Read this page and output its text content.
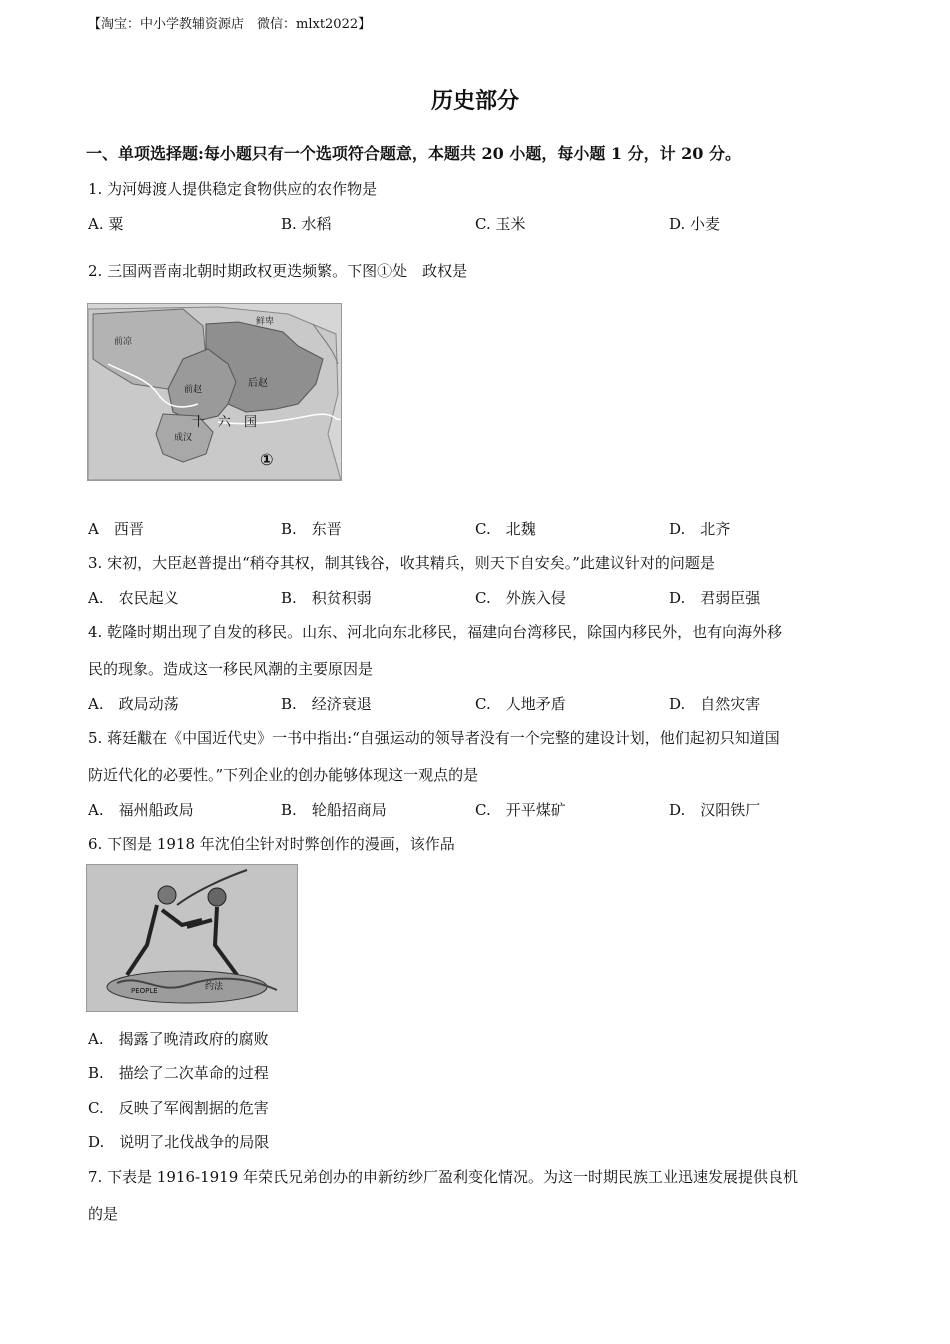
【淘宝：中小学教辅资源店　微信：mlxt2022】
历史部分
一、单项选择题:每小题只有一个选项符合题意，本题共 20 小题，每小题 1 分，计 20 分。
1. 为河姆渡人提供稳定食物供应的农作物是
A. 粟	B. 水稻	C. 玉米	D. 小麦
2. 三国两晋南北朝时期政权更迭频繁。下图①处　政权是
鲜卑
前凉
前赵
后赵
十　六　国
成汉
①
A　西晋	B.　东晋	C.　北魏	D.　北齐
3. 宋初，大臣赵普提出“稍夺其权，制其钱谷，收其精兵，则天下自安矣。”此建议针对的问题是
A.　农民起义	B.　积贫积弱	C.　外族入侵	D.　君弱臣强
4. 乾隆时期出现了自发的移民。山东、河北向东北移民，福建向台湾移民，除国内移民外，也有向海外移
民的现象。造成这一移民风潮的主要原因是
A.　政局动荡	B.　经济衰退	C.　人地矛盾	D.　自然灾害
5. 蒋廷黻在《中国近代史》一书中指出:“自强运动的领导者没有一个完整的建设计划，他们起初只知道国
防近代化的必要性。”下列企业的创办能够体现这一观点的是
A.　福州船政局	B.　轮船招商局	C.　开平煤矿	D.　汉阳铁厂
6. 下图是 1918 年沈伯尘针对时弊创作的漫画，该作品
PEOPLE	约法
A.　揭露了晚清政府的腐败
B.　描绘了二次革命的过程
C.　反映了军阀割据的危害
D.　说明了北伐战争的局限
7. 下表是 1916-1919 年荣氏兄弟创办的申新纺纱厂盈利变化情况。为这一时期民族工业迅速发展提供良机
的是
